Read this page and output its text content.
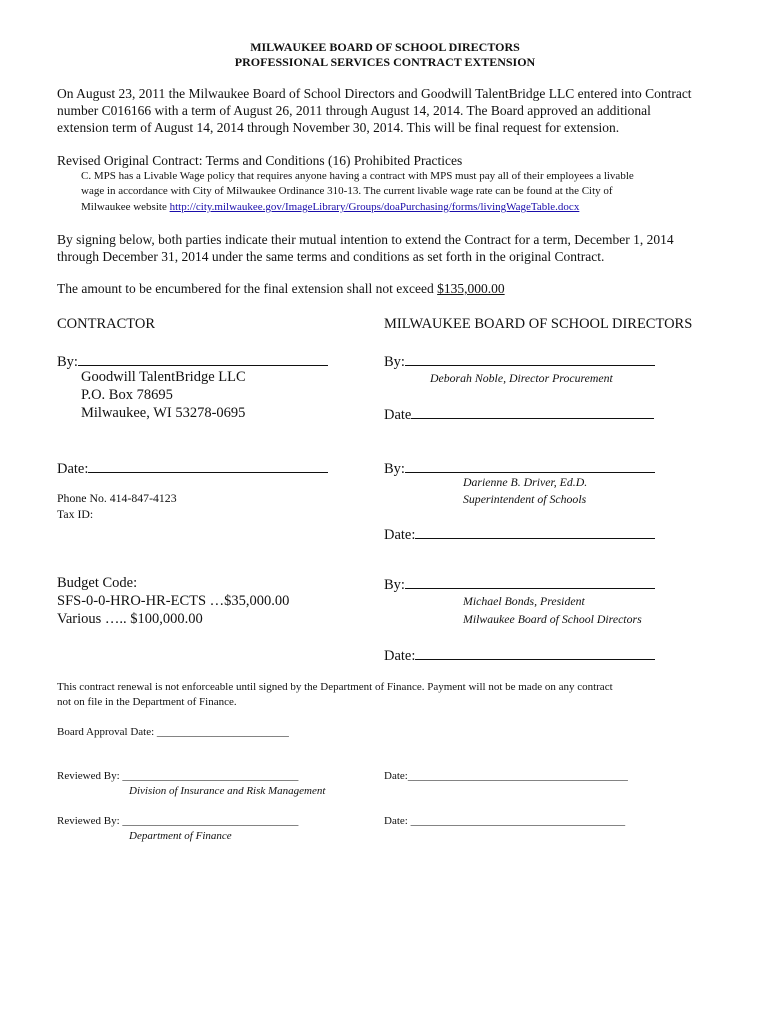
MILWAUKEE BOARD OF SCHOOL DIRECTORS
PROFESSIONAL SERVICES CONTRACT EXTENSION
On August 23, 2011 the Milwaukee Board of School Directors and Goodwill TalentBridge LLC entered into Contract
number C016166 with a term of August 26, 2011 through August 14, 2014. The Board approved an additional
extension term of August 14, 2014 through November 30, 2014. This will be final request for extension.
Revised Original Contract: Terms and Conditions (16) Prohibited Practices
C. MPS has a Livable Wage policy that requires anyone having a contract with MPS must pay all of their employees a livable
wage in accordance with City of Milwaukee Ordinance 310-13. The current livable wage rate can be found at the City of
Milwaukee website http://city.milwaukee.gov/ImageLibrary/Groups/doaPurchasing/forms/livingWageTable.docx
By signing below, both parties indicate their mutual intention to extend the Contract for a term, December 1, 2014
through December 31, 2014 under the same terms and conditions as set forth in the original Contract.
The amount to be encumbered for the final extension shall not exceed $135,000.00
CONTRACTOR
By:
Goodwill TalentBridge LLC
P.O. Box 78695
Milwaukee, WI 53278-0695
Date:
Phone No. 414-847-4123
Tax ID:
Budget Code:
SFS-0-0-HRO-HR-ECTS …$35,000.00
Various ….. $100,000.00
MILWAUKEE BOARD OF SCHOOL DIRECTORS
By:
Deborah Noble, Director Procurement
Date
By:
Darienne B. Driver, Ed.D.
Superintendent of Schools
Date:
By:
Michael Bonds, President
Milwaukee Board of School Directors
Date:
This contract renewal is not enforceable until signed by the Department of Finance. Payment will not be made on any contract
not on file in the Department of Finance.
Board Approval Date: ________________________
Reviewed By: ________________________________	Date:________________________________________
Division of Insurance and Risk Management
Reviewed By: ________________________________	Date: _______________________________________
Department of Finance
